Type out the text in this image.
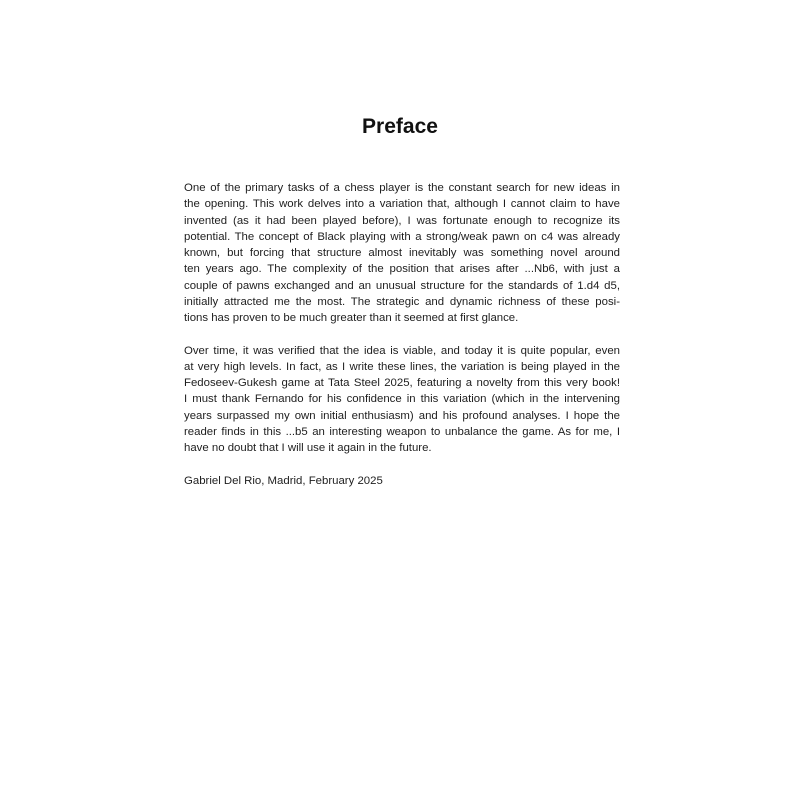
Preface

One of the primary tasks of a chess player is the constant search for new ideas in
the opening. This work delves into a variation that, although I cannot claim to have
invented (as it had been played before), I was fortunate enough to recognize its
potential. The concept of Black playing with a strong/weak pawn on c4 was already
known, but forcing that structure almost inevitably was something novel around
ten years ago. The complexity of the position that arises after ...Nb6, with just a
couple of pawns exchanged and an unusual structure for the standards of 1.d4 d5,
initially attracted me the most. The strategic and dynamic richness of these posi-
tions has proven to be much greater than it seemed at first glance.

Over time, it was verified that the idea is viable, and today it is quite popular, even
at very high levels. In fact, as I write these lines, the variation is being played in the
Fedoseev-Gukesh game at Tata Steel 2025, featuring a novelty from this very book!
I must thank Fernando for his confidence in this variation (which in the intervening
years surpassed my own initial enthusiasm) and his profound analyses. I hope the
reader finds in this ...b5 an interesting weapon to unbalance the game. As for me, I
have no doubt that I will use it again in the future.

Gabriel Del Rio, Madrid, February 2025
